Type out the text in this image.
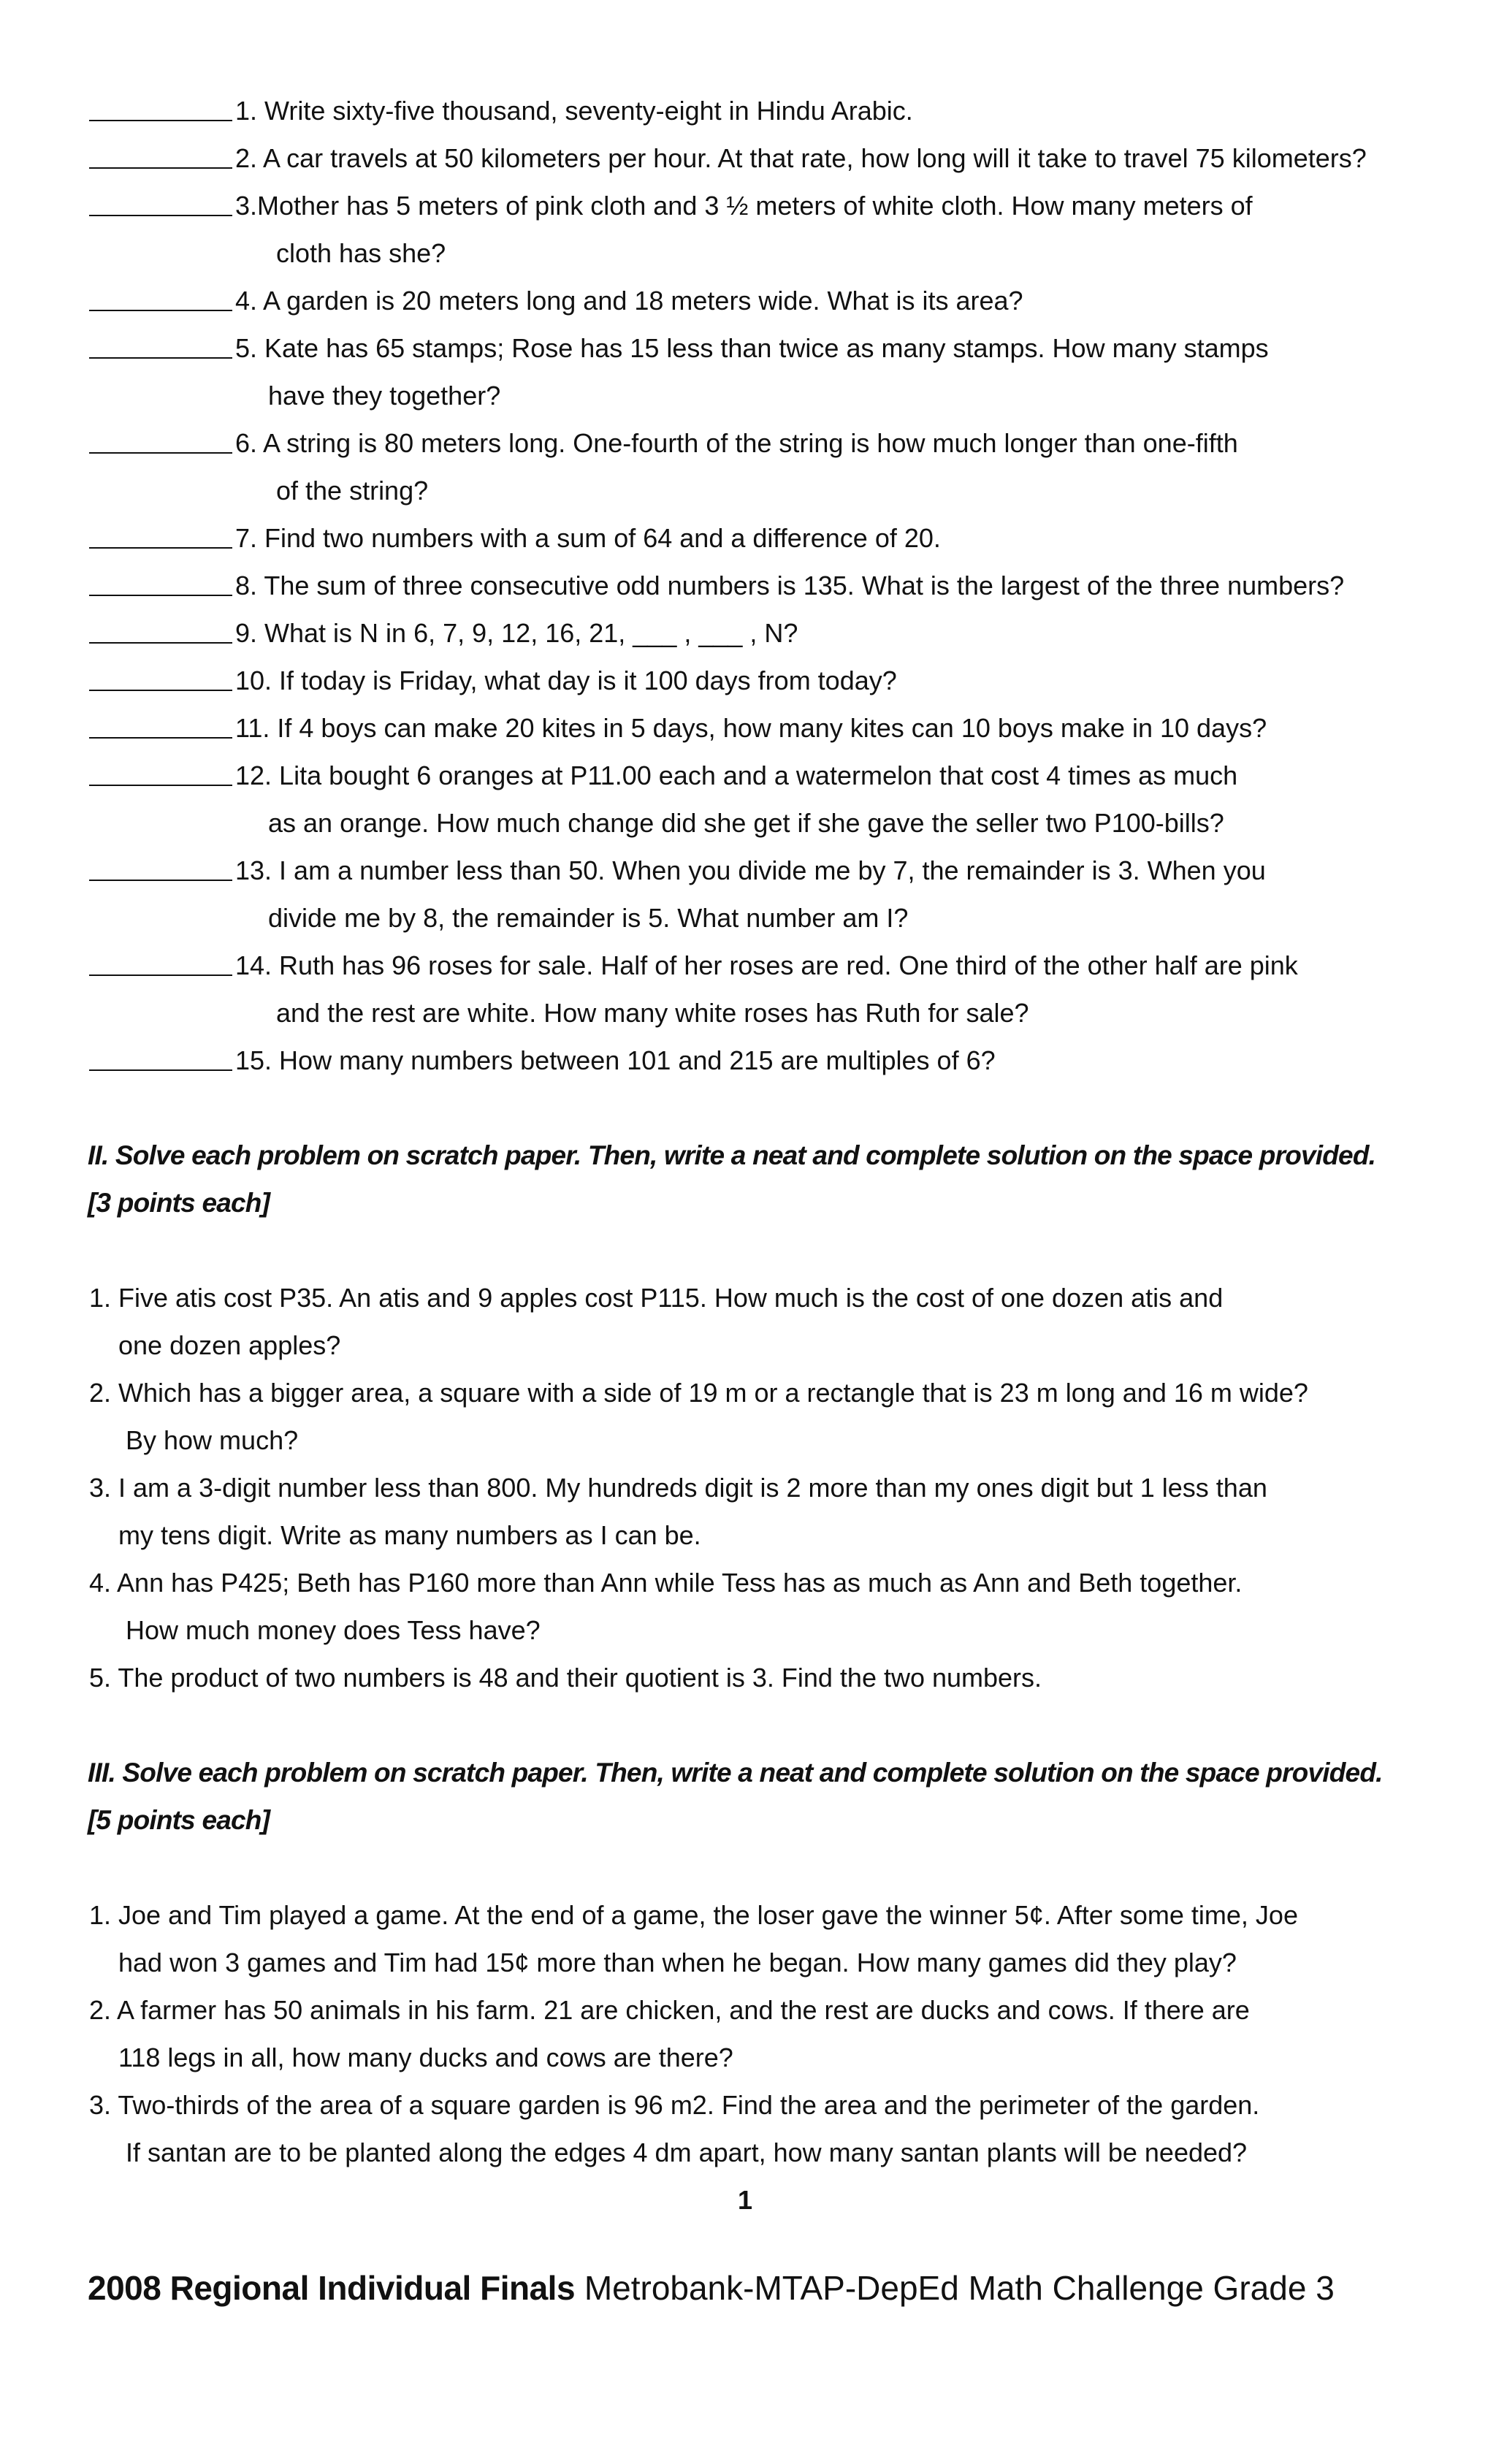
1. Write sixty-five thousand, seventy-eight in Hindu Arabic.
2. A car travels at 50 kilometers per hour. At that rate, how long will it take to travel 75 kilometers?
3.Mother has 5 meters of pink cloth and 3 ½ meters of white cloth. How many meters of
cloth has she?
4. A garden is 20 meters long and 18 meters wide. What is its area?
5. Kate has 65 stamps; Rose has 15 less than twice as many stamps. How many stamps
have they together?
6. A string is 80 meters long. One-fourth of the string is how much longer than one-fifth
of the string?
7. Find two numbers with a sum of 64 and a difference of 20.
8. The sum of three consecutive odd numbers is 135. What is the largest of the three numbers?
9. What is N in 6, 7, 9, 12, 16, 21, ___ , ___ , N?
10. If today is Friday, what day is it 100 days from today?
11. If 4 boys can make 20 kites in 5 days, how many kites can 10 boys make in 10 days?
12. Lita bought 6 oranges at P11.00 each and a watermelon that cost 4 times as much
as an orange. How much change did she get if she gave the seller two P100-bills?
13. I am a number less than 50. When you divide me by 7, the remainder is 3. When you
divide me by 8, the remainder is 5. What number am I?
14. Ruth has 96 roses for sale. Half of her roses are red. One third of the other half are pink
and the rest are white. How many white roses has Ruth for sale?
15. How many numbers between 101 and 215 are multiples of 6?
II. Solve each problem on scratch paper. Then, write a neat and complete solution on the space provided.
[3 points each]
1. Five atis cost P35. An atis and 9 apples cost P115. How much is the cost of one dozen atis and
one dozen apples?
2. Which has a bigger area, a square with a side of 19 m or a rectangle that is 23 m long and 16 m wide?
By how much?
3. I am a 3-digit number less than 800. My hundreds digit is 2 more than my ones digit but 1 less than
my tens digit. Write as many numbers as I can be.
4. Ann has P425; Beth has P160 more than Ann while Tess has as much as Ann and Beth together.
How much money does Tess have?
5. The product of two numbers is 48 and their quotient is 3. Find the two numbers.
III. Solve each problem on scratch paper. Then, write a neat and complete solution on the space provided.
[5 points each]
1. Joe and Tim played a game. At the end of a game, the loser gave the winner 5¢. After some time, Joe
had won 3 games and Tim had 15¢ more than when he began. How many games did they play?
2. A farmer has 50 animals in his farm. 21 are chicken, and the rest are ducks and cows. If there are
118 legs in all, how many ducks and cows are there?
3. Two-thirds of the area of a square garden is 96 m2. Find the area and the perimeter of the garden.
If santan are to be planted along the edges 4 dm apart, how many santan plants will be needed?
1
2008 Regional Individual Finals Metrobank-MTAP-DepEd Math Challenge Grade 3
